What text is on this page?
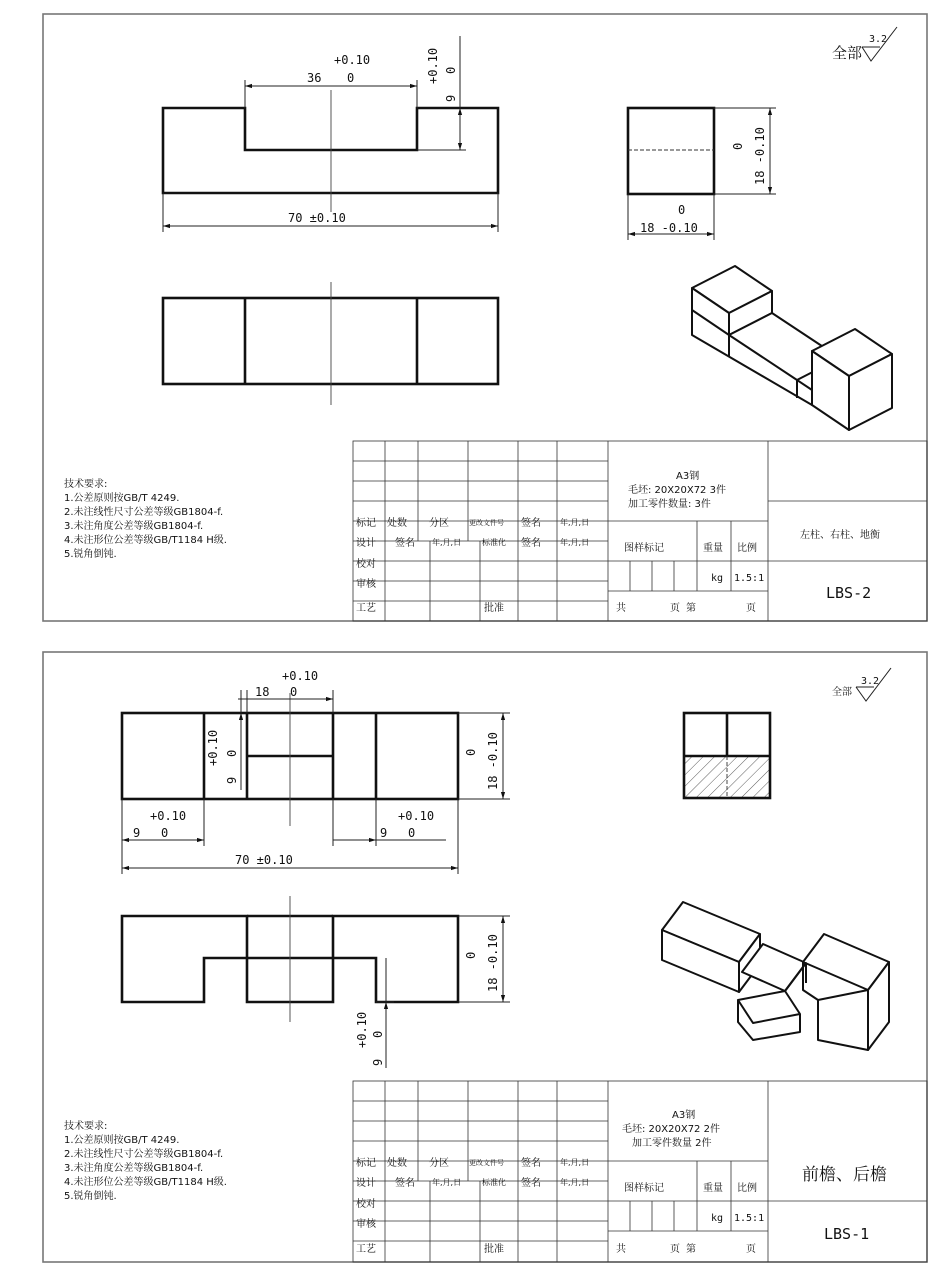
全部
3.2
+0.10
36 0	+0.10 0
9
70 ±0.10
0 18 -0.10
0
18 -0.10
技术要求:
1.公差原则按GB/T 4249.
2.未注线性尺寸公差等级GB1804-f.
3.未注角度公差等级GB1804-f.
4.未注形位公差等级GB/T1184 H级.
5.锐角倒钝.
标记 处数 分区	更改文件号 签名 年,月,日
设计 签名 年,月,日	标准化 签名 年,月,日
校对
审核
工艺	批准
A3钢
毛坯: 20X20X72 3件
加工零件数量: 3件
图样标记	重量 比例
kg 1.5:1
共	页 第	页
左柱、右柱、地衡
LBS-2
全部
3.2
+0.10
18 0
+0.10 0
9
0 18 -0.10
+0.10
9 0
+0.10
9 0
70 ±0.10
0 18 -0.10
+0.10 0
9
技术要求:
1.公差原则按GB/T 4249.
2.未注线性尺寸公差等级GB1804-f.
3.未注角度公差等级GB1804-f.
4.未注形位公差等级GB/T1184 H级.
5.锐角倒钝.
标记 处数 分区	更改文件号 签名 年,月,日
设计 签名 年,月,日	标准化 签名 年,月,日
校对
审核
工艺	批准
A3钢
毛坯: 20X20X72 2件
加工零件数量 2件
图样标记	重量 比例
kg 1.5:1
共	页 第	页
前檐、后檐
LBS-1
